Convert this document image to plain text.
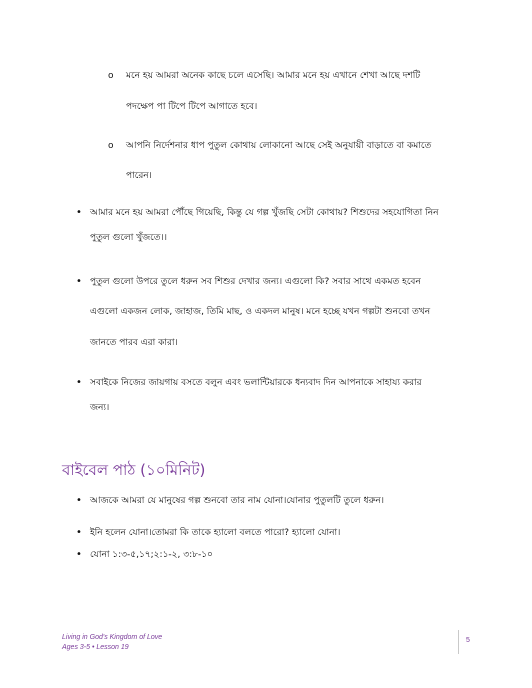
o মনে হয় আমরা অনেক কাছে চলে এসেছি। আমার মনে হয় এখানে শেখা আছে দশটি
পদক্ষেপ পা টিপে টিপে আগাতে হবে।
o আপনি নির্দেশনার ধাপ পুতুল কোথায় লোকানো আছে সেই অনুযায়ী বাড়াতে বা কমাতে
পারেন।
• আমার মনে হয় আমরা পৌঁছে গিয়েছি, কিন্তু যে গল্প খুঁজছি সেটা কোথায়? শিশুদের সহযোগিতা নিন
পুতুল গুলো খুঁজতে।।
• পুতুল গুলো উপরে তুলে ধরুন সব শিশুর দেখার জন্য। এগুলো কি? সবার সাথে একমত হবেন
এগুলো একজন লোক, জাহাজ, তিমি মাছ, ও একদল মানুষ। মনে হচ্ছে যখন গল্পটা শুনবো তখন
জানতে পারব এরা কারা।
• সবাইকে নিজের জায়গায় বসতে বলুন এবং ভলান্টিয়ারকে ধন্যবাদ দিন আপনাকে সাহায্য করার
জন্য।
বাইবেল পাঠ (১০মিনিট)
• আজকে আমরা যে মানুষের গল্প শুনবো তার নাম যোনা।যোনার পুতুলটি তুলে ধরুন।
• ইনি হলেন যোনা।তোমরা কি তাকে হ্যালো বলতে পারো? হ্যালো যোনা।
• যোনা ১:৩-৫,১৭;২:১-২, ৩:৮-১০
Living in God's Kingdom of Love
Ages 3-5 • Lesson 19
5
